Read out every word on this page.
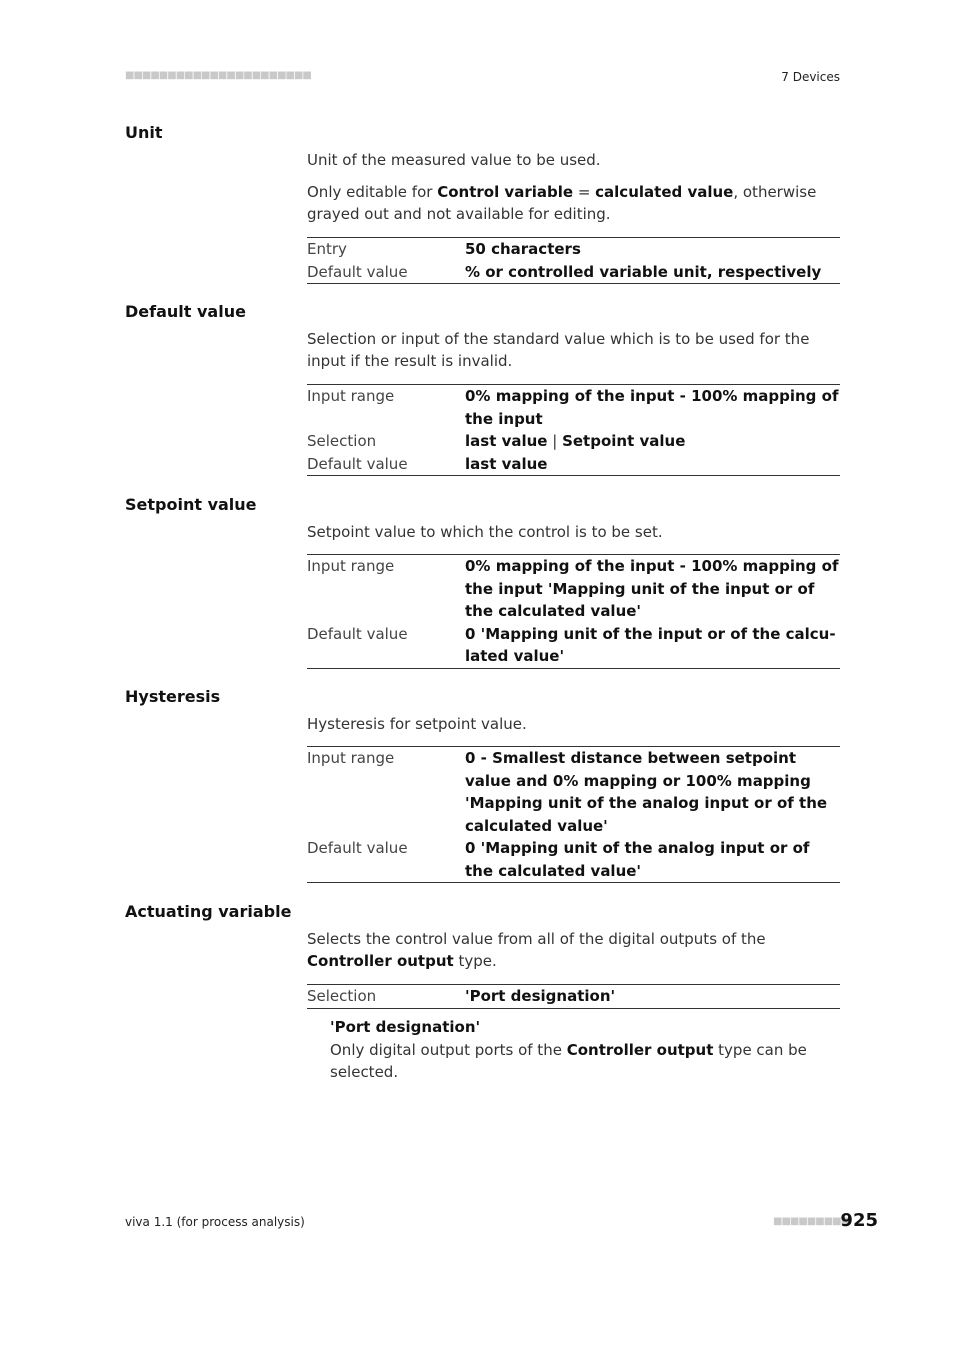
■■■■■■■■■■■■■■■■■■■■■■	7 Devices
Unit
Unit of the measured value to be used.
Only editable for Control variable = calculated value, otherwise grayed out and not available for editing.
Entry	50 characters
Default value	% or controlled variable unit, respectively
Default value
Selection or input of the standard value which is to be used for the input if the result is invalid.
Input range	0% mapping of the input - 100% mapping of the input
Selection	last value | Setpoint value
Default value	last value
Setpoint value
Setpoint value to which the control is to be set.
Input range	0% mapping of the input - 100% mapping of the input 'Mapping unit of the input or of the calculated value'
Default value	0 'Mapping unit of the input or of the calculated value'
Hysteresis
Hysteresis for setpoint value.
Input range	0 - Smallest distance between setpoint value and 0% mapping or 100% mapping 'Mapping unit of the analog input or of the calculated value'
Default value	0 'Mapping unit of the analog input or of the calculated value'
Actuating variable
Selects the control value from all of the digital outputs of the Controller output type.
Selection	'Port designation'
'Port designation'
Only digital output ports of the Controller output type can be selected.
viva 1.1 (for process analysis)	■■■■■■■■■
925
